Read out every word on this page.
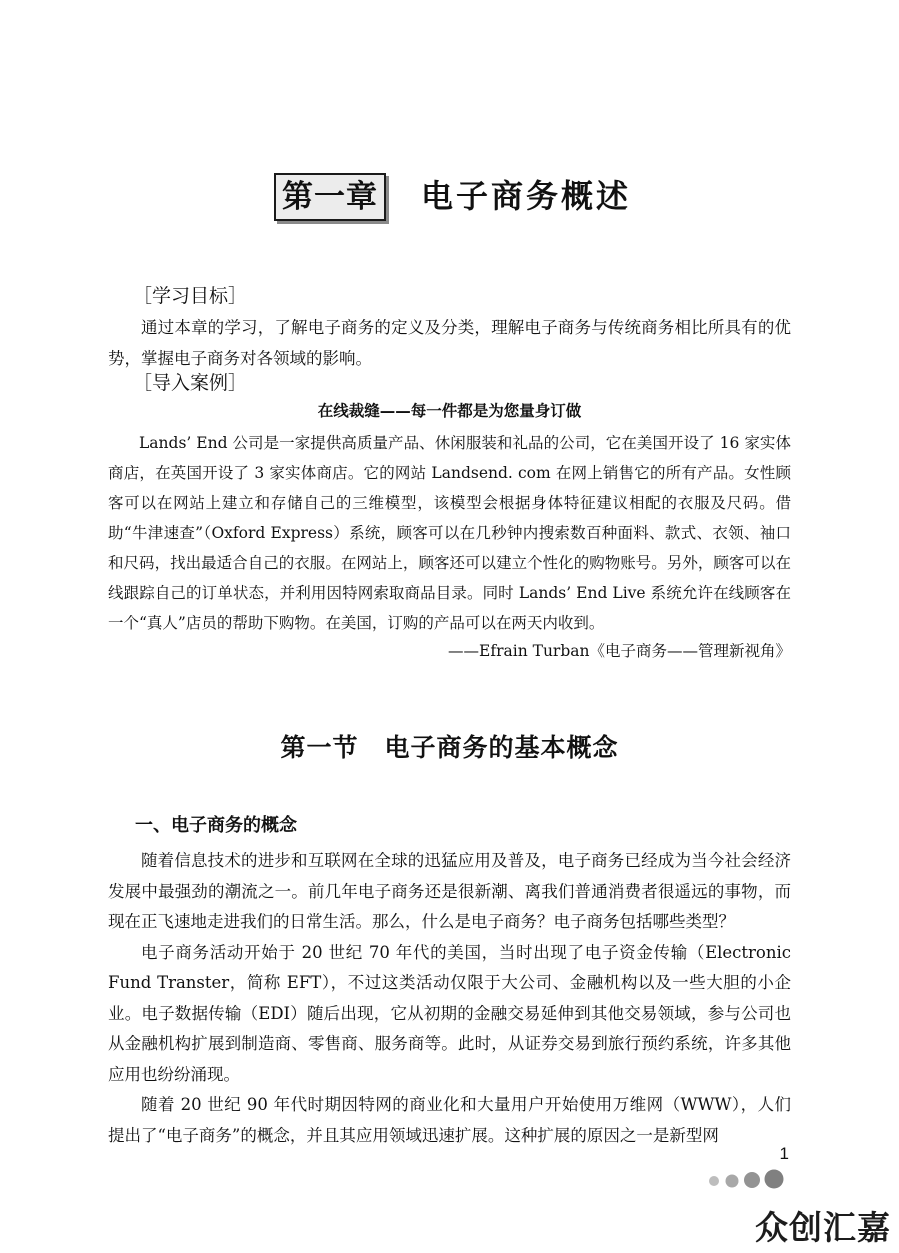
第一章 电子商务概述
［学习目标］

通过本章的学习，了解电子商务的定义及分类，理解电子商务与传统商务相比所具有的优势，掌握电子商务对各领域的影响。

［导入案例］
在线裁缝——每一件都是为您量身订做

Lands’ End 公司是一家提供高质量产品、休闲服装和礼品的公司，它在美国开设了 16 家实体商店，在英国开设了 3 家实体商店。它的网站 Landsend. com 在网上销售它的所有产品。女性顾客可以在网站上建立和存储自己的三维模型，该模型会根据身体特征建议相配的衣服及尺码。借助“牛津速查”（Oxford Express）系统，顾客可以在几秒钟内搜索数百种面料、款式、衣领、袖口和尺码，找出最适合自己的衣服。在网站上，顾客还可以建立个性化的购物账号。另外，顾客可以在线跟踪自己的订单状态，并利用因特网索取商品目录。同时 Lands’ End Live 系统允许在线顾客在一个“真人”店员的帮助下购物。在美国，订购的产品可以在两天内收到。

——Efrain Turban《电子商务——管理新视角》
第一节　电子商务的基本概念
一、电子商务的概念

随着信息技术的进步和互联网在全球的迅猛应用及普及，电子商务已经成为当今社会经济发展中最强劲的潮流之一。前几年电子商务还是很新潮、离我们普通消费者很遥远的事物，而现在正飞速地走进我们的日常生活。那么，什么是电子商务？电子商务包括哪些类型？

电子商务活动开始于 20 世纪 70 年代的美国，当时出现了电子资金传输（Electronic Fund Transter，简称 EFT），不过这类活动仅限于大公司、金融机构以及一些大胆的小企业。电子数据传输（EDI）随后出现，它从初期的金融交易延伸到其他交易领域，参与公司也从金融机构扩展到制造商、零售商、服务商等。此时，从证券交易到旅行预约系统，许多其他应用也纷纷涌现。

随着 20 世纪 90 年代时期因特网的商业化和大量用户开始使用万维网（WWW），人们提出了“电子商务”的概念，并且其应用领域迅速扩展。这种扩展的原因之一是新型网

1
众创汇嘉
